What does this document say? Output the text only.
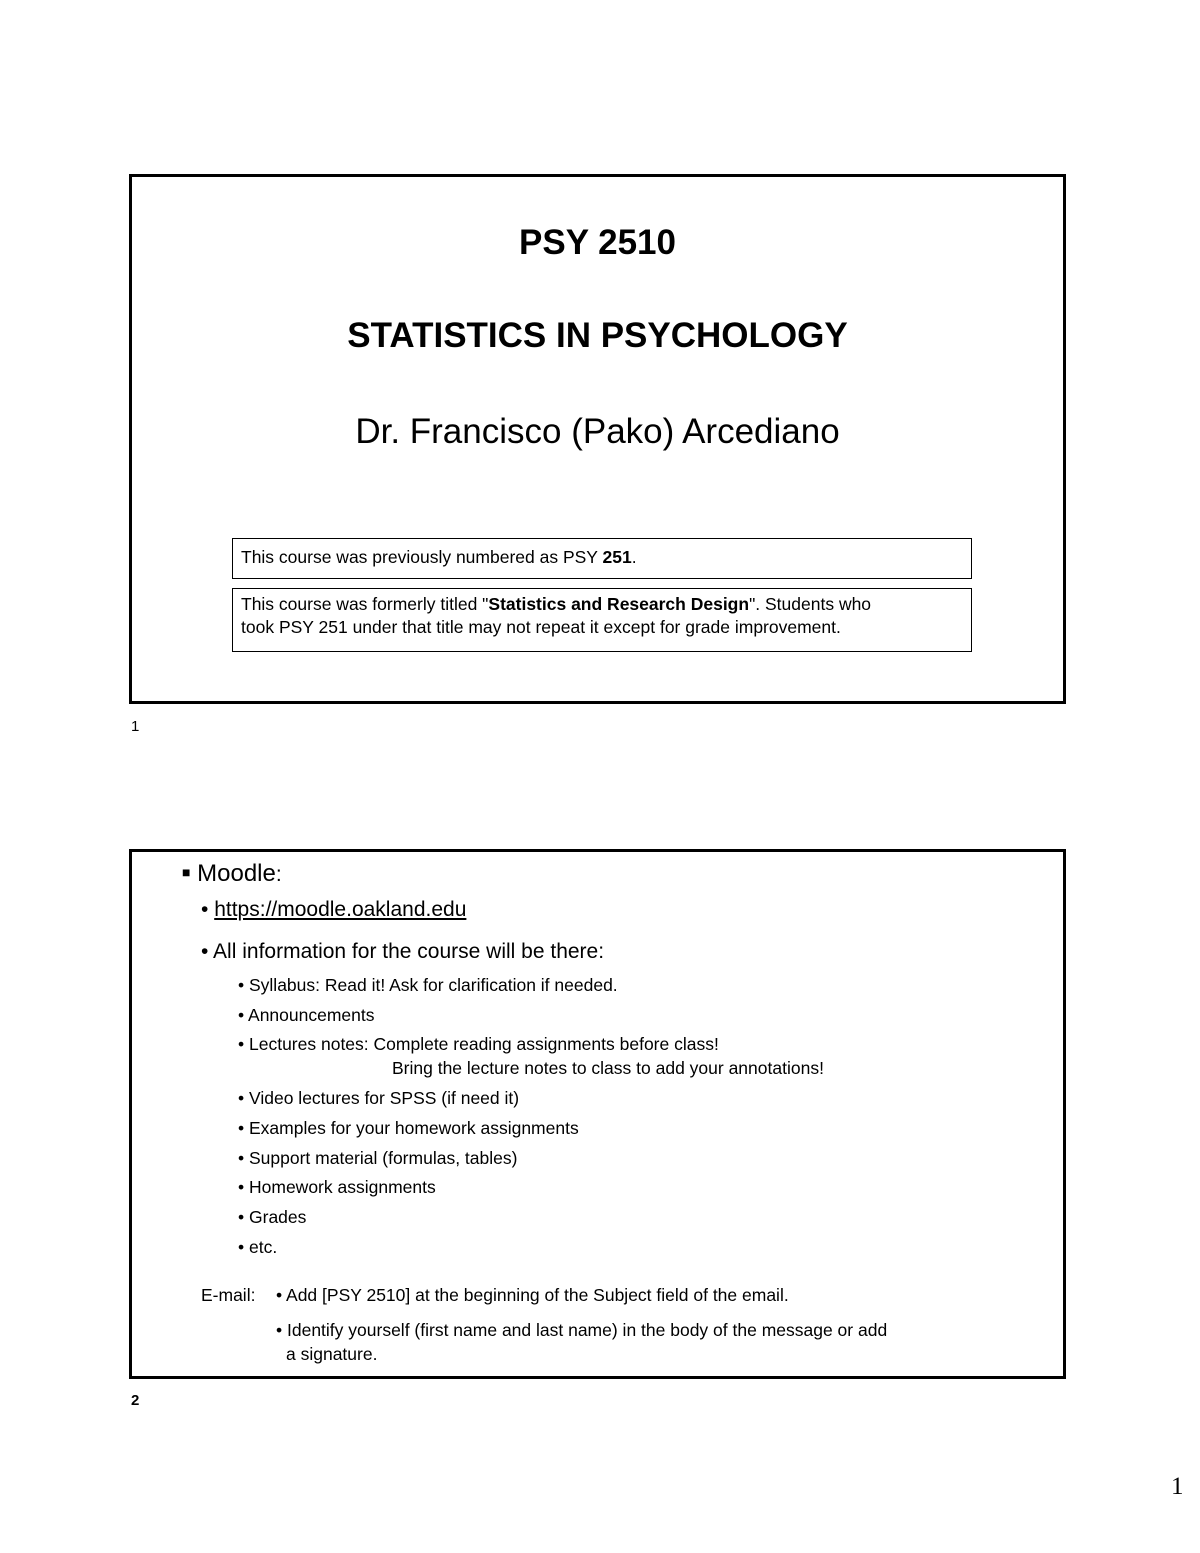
PSY 2510
STATISTICS IN PSYCHOLOGY
Dr. Francisco (Pako) Arcediano
This course was previously numbered as PSY 251.
This course was formerly titled "Statistics and Research Design". Students who
took PSY 251 under that title may not repeat it except for grade improvement.
1
■ Moodle:
• https://moodle.oakland.edu
• All information for the course will be there:
• Syllabus: Read it! Ask for clarification if needed.
• Announcements
• Lectures notes: Complete reading assignments before class!
Bring the lecture notes to class to add your annotations!
• Video lectures for SPSS (if need it)
• Examples for your homework assignments
• Support material (formulas, tables)
• Homework assignments
• Grades
• etc.
E-mail: • Add [PSY 2510] at the beginning of the Subject field of the email.
• Identify yourself (first name and last name) in the body of the message or add
a signature.
2
1
